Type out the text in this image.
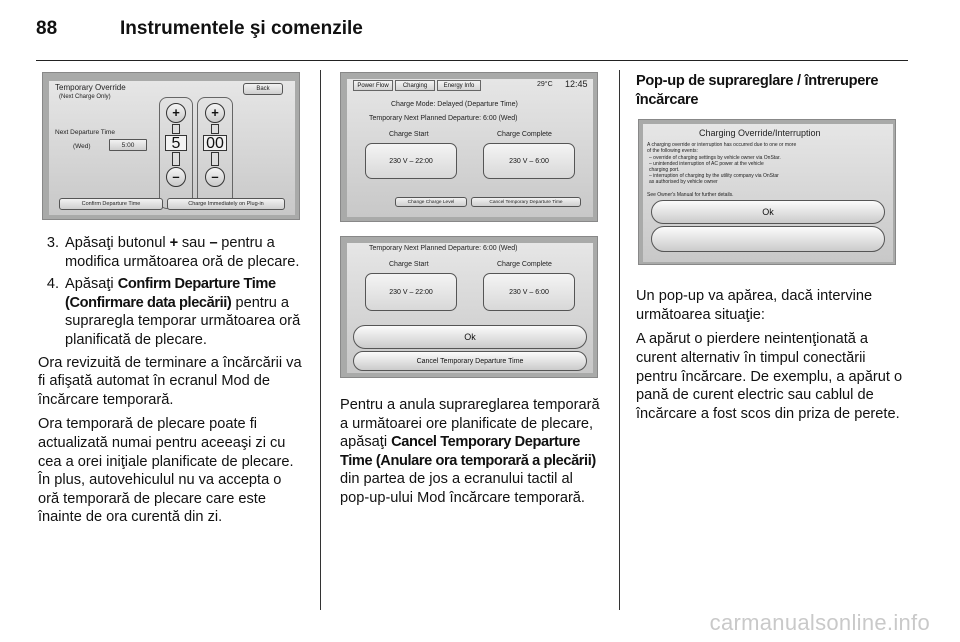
88	Instrumentele şi comenzile
Temporary Override
(Next Charge Only)
Back
Next Departure Time
(Wed)	5:00
+
5
–
+
00
–
Confirm Departure Time	Charge Immediately on Plug-in
3. Apăsaţi butonul + sau – pentru a modifica următoarea oră de plecare.
4. Apăsaţi Confirm Departure Time (Confirmare data plecării) pentru a supraregla temporar următoarea oră planificată de plecare.

Ora revizuită de terminare a încărcării va fi afişată automat în ecranul Mod de încărcare temporară.

Ora temporară de plecare poate fi actualizată numai pentru aceeaşi zi cu cea a orei iniţiale planificate de plecare. În plus, autovehiculul nu va accepta o oră temporară de plecare care este înainte de ora curentă din zi.

Power Flow	Charging	Energy Info	29°C 12:45
Charge Mode: Delayed (Departure Time)
Temporary Next Planned Departure: 6:00 (Wed)
Charge Start	Charge Complete
230 V – 22:00	230 V – 6:00
Change Charge Level	Cancel Temporary Departure Time
Temporary Next Planned Departure: 6:00 (Wed)
Charge Start	Charge Complete
230 V – 22:00	230 V – 6:00
Ok
Cancel Temporary Departure Time

Pentru a anula suprareglarea temporară a următoarei ore planificate de plecare, apăsaţi Cancel Temporary Departure Time (Anulare ora temporară a plecării) din partea de jos a ecranului tactil al pop-up-ului Mod încărcare temporară.

Pop-up de suprareglare / întrerupere încărcare

Charging Override/Interruption
A charging override or interruption has occurred due to one or more
of the following events:
– override of charging settings by vehicle owner via OnStar.
– unintended interruption of AC power at the vehicle
charging port.
– interruption of charging by the utility company via OnStar
as authorised by vehicle owner
See Owner's Manual for further details.
Ok

Un pop-up va apărea, dacă intervine următoarea situaţie:

A apărut o pierdere neintenţionată a curent alternativ în timpul conectării pentru încărcare. De exemplu, a apărut o pană de curent electric sau cablul de încărcare a fost scos din priza de perete.

carmanualsonline.info
